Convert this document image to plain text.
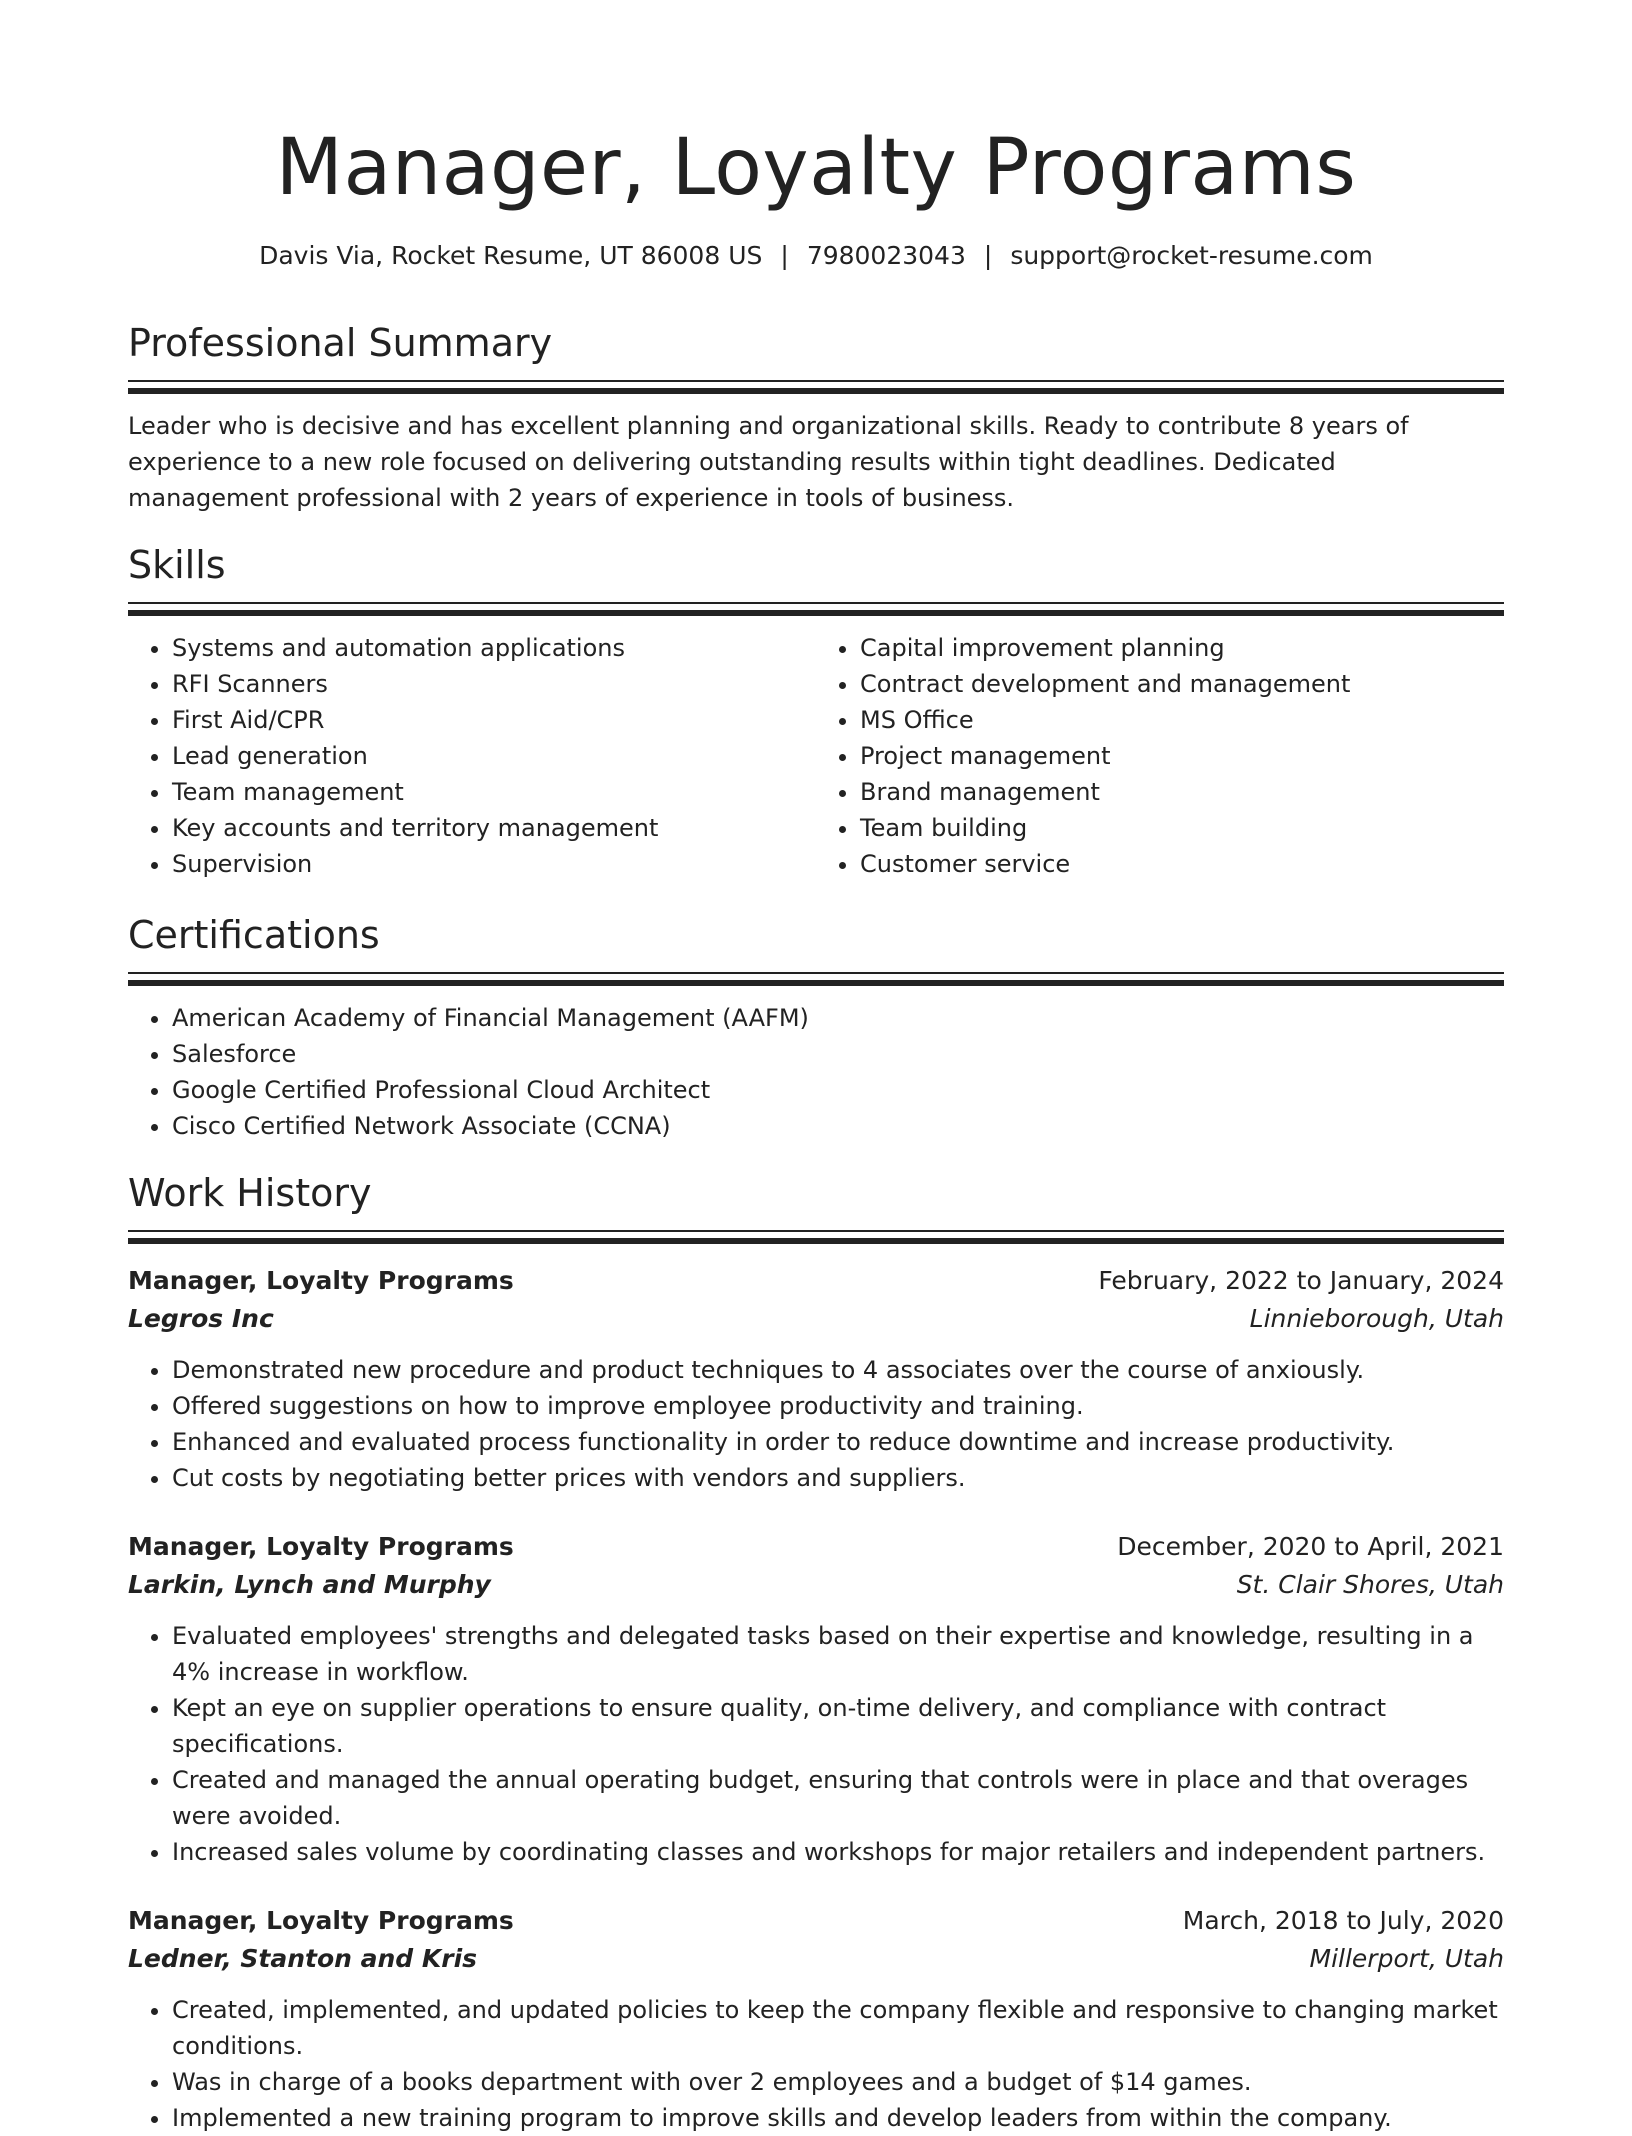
Manager, Loyalty Programs
Davis Via, Rocket Resume, UT 86008 US | 7980023043 | support@rocket-resume.com
Professional Summary
Leader who is decisive and has excellent planning and organizational skills. Ready to contribute 8 years of experience to a new role focused on delivering outstanding results within tight deadlines. Dedicated management professional with 2 years of experience in tools of business.
Skills
• Systems and automation applications
• RFI Scanners
• First Aid/CPR
• Lead generation
• Team management
• Key accounts and territory management
• Supervision
• Capital improvement planning
• Contract development and management
• MS Office
• Project management
• Brand management
• Team building
• Customer service
Certifications
• American Academy of Financial Management (AAFM)
• Salesforce
• Google Certified Professional Cloud Architect
• Cisco Certified Network Associate (CCNA)
Work History
Manager, Loyalty Programs	February, 2022 to January, 2024
Legros Inc	Linnieborough, Utah
• Demonstrated new procedure and product techniques to 4 associates over the course of anxiously.
• Offered suggestions on how to improve employee productivity and training.
• Enhanced and evaluated process functionality in order to reduce downtime and increase productivity.
• Cut costs by negotiating better prices with vendors and suppliers.
Manager, Loyalty Programs	December, 2020 to April, 2021
Larkin, Lynch and Murphy	St. Clair Shores, Utah
• Evaluated employees' strengths and delegated tasks based on their expertise and knowledge, resulting in a 4% increase in workflow.
• Kept an eye on supplier operations to ensure quality, on-time delivery, and compliance with contract specifications.
• Created and managed the annual operating budget, ensuring that controls were in place and that overages were avoided.
• Increased sales volume by coordinating classes and workshops for major retailers and independent partners.
Manager, Loyalty Programs	March, 2018 to July, 2020
Ledner, Stanton and Kris	Millerport, Utah
• Created, implemented, and updated policies to keep the company flexible and responsive to changing market conditions.
• Was in charge of a books department with over 2 employees and a budget of $14 games.
• Implemented a new training program to improve skills and develop leaders from within the company.
